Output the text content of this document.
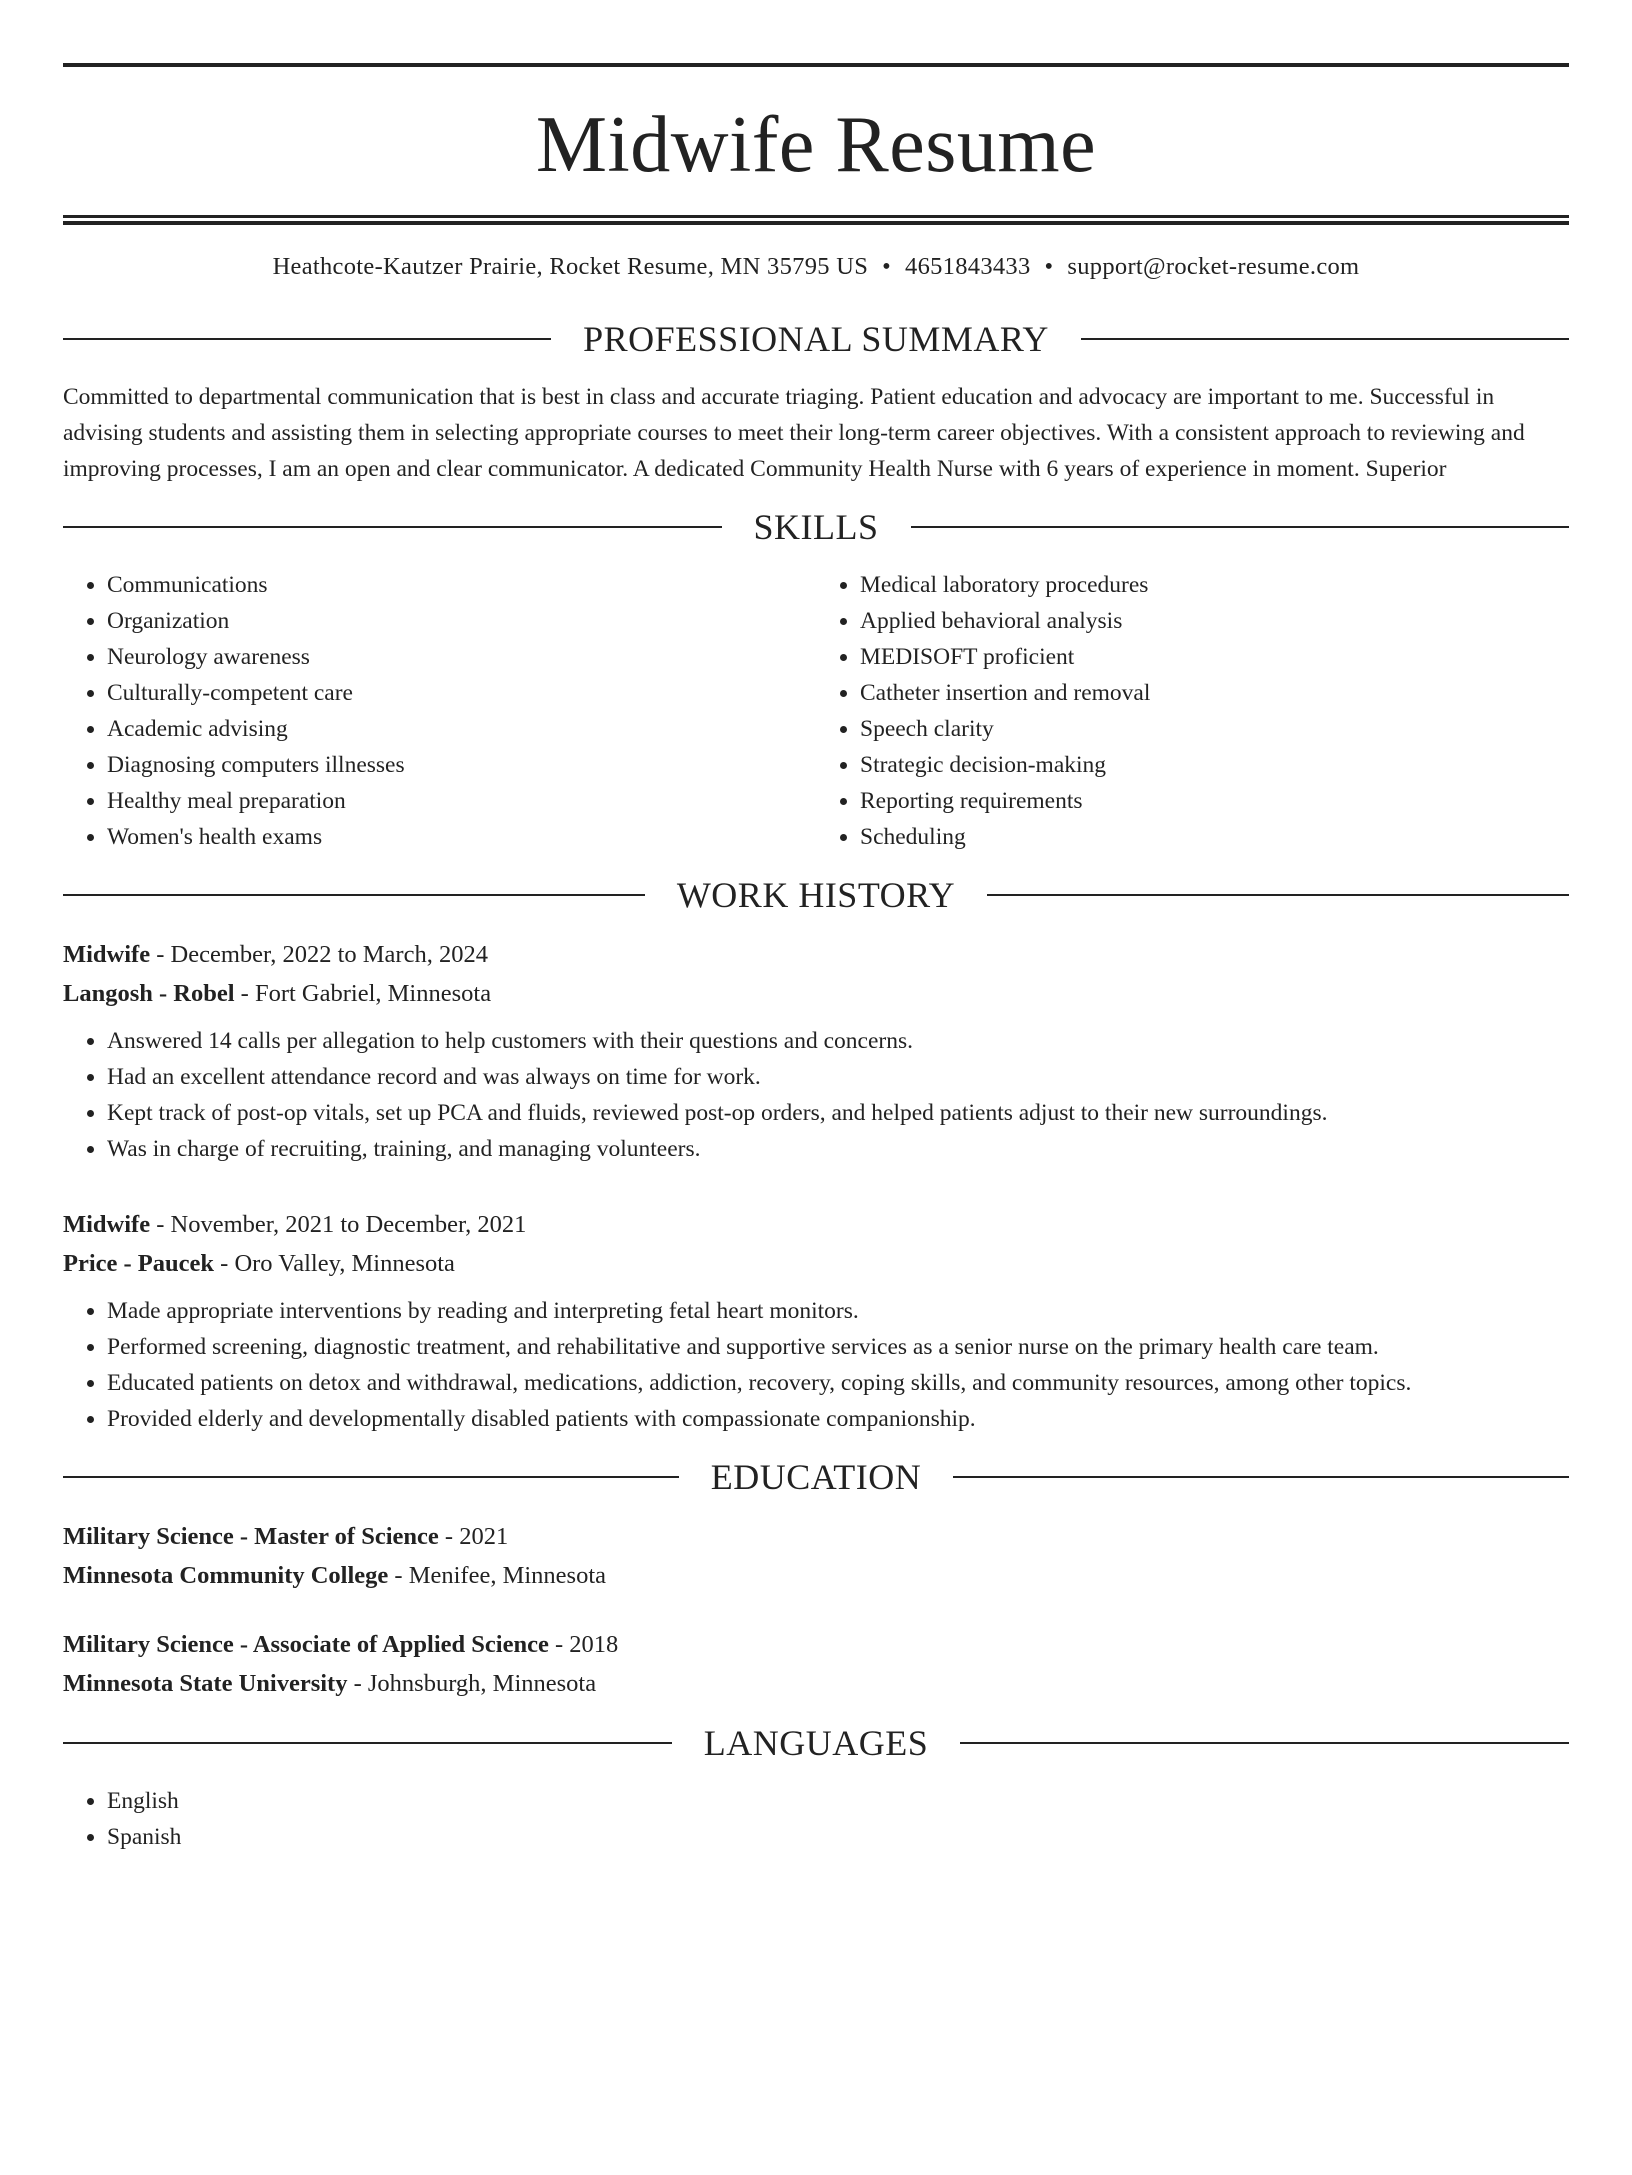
Midwife Resume
Heathcote-Kautzer Prairie, Rocket Resume, MN 35795 US • 4651843433 • support@rocket-resume.com
PROFESSIONAL SUMMARY
Committed to departmental communication that is best in class and accurate triaging. Patient education and advocacy are important to me. Successful in advising students and assisting them in selecting appropriate courses to meet their long-term career objectives. With a consistent approach to reviewing and improving processes, I am an open and clear communicator. A dedicated Community Health Nurse with 6 years of experience in moment. Superior
SKILLS
• Communications
• Organization
• Neurology awareness
• Culturally-competent care
• Academic advising
• Diagnosing computers illnesses
• Healthy meal preparation
• Women's health exams
• Medical laboratory procedures
• Applied behavioral analysis
• MEDISOFT proficient
• Catheter insertion and removal
• Speech clarity
• Strategic decision-making
• Reporting requirements
• Scheduling
WORK HISTORY
Midwife - December, 2022 to March, 2024
Langosh - Robel - Fort Gabriel, Minnesota
• Answered 14 calls per allegation to help customers with their questions and concerns.
• Had an excellent attendance record and was always on time for work.
• Kept track of post-op vitals, set up PCA and fluids, reviewed post-op orders, and helped patients adjust to their new surroundings.
• Was in charge of recruiting, training, and managing volunteers.
Midwife - November, 2021 to December, 2021
Price - Paucek - Oro Valley, Minnesota
• Made appropriate interventions by reading and interpreting fetal heart monitors.
• Performed screening, diagnostic treatment, and rehabilitative and supportive services as a senior nurse on the primary health care team.
• Educated patients on detox and withdrawal, medications, addiction, recovery, coping skills, and community resources, among other topics.
• Provided elderly and developmentally disabled patients with compassionate companionship.
EDUCATION
Military Science - Master of Science - 2021
Minnesota Community College - Menifee, Minnesota
Military Science - Associate of Applied Science - 2018
Minnesota State University - Johnsburgh, Minnesota
LANGUAGES
• English
• Spanish
